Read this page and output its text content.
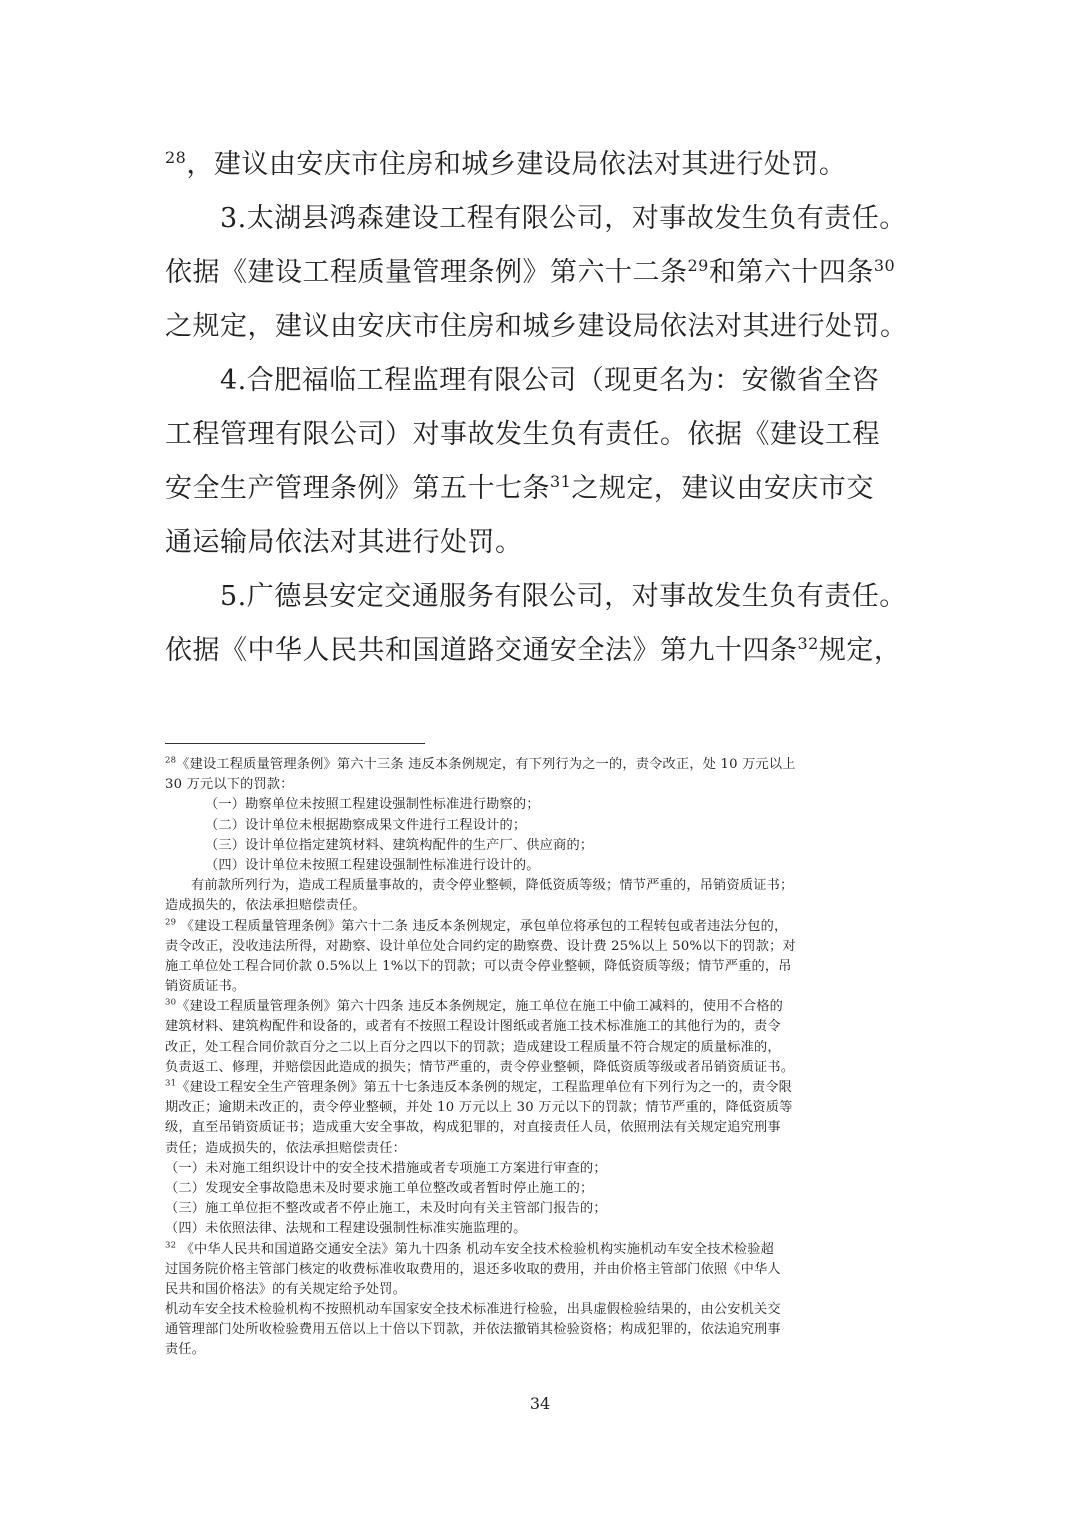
$^{28}$，建议由安庆市住房和城乡建设局依法对其进行处罚。
3.太湖县鸿森建设工程有限公司，对事故发生负有责任。
依据《建设工程质量管理条例》第六十二条$^{29}$和第六十四条$^{30}$
之规定，建议由安庆市住房和城乡建设局依法对其进行处罚。
4.合肥福临工程监理有限公司（现更名为：安徽省全咨
工程管理有限公司）对事故发生负有责任。依据《建设工程
安全生产管理条例》第五十七条$^{31}$之规定，建议由安庆市交
通运输局依法对其进行处罚。
5.广德县安定交通服务有限公司，对事故发生负有责任。
依据《中华人民共和国道路交通安全法》第九十四条$^{32}$规定，
$^{28}$《建设工程质量管理条例》第六十三条 违反本条例规定，有下列行为之一的，责令改正，处 10 万元以上
30 万元以下的罚款：
（一）勘察单位未按照工程建设强制性标准进行勘察的；
（二）设计单位未根据勘察成果文件进行工程设计的；
（三）设计单位指定建筑材料、建筑构配件的生产厂、供应商的；
（四）设计单位未按照工程建设强制性标准进行设计的。
有前款所列行为，造成工程质量事故的，责令停业整顿，降低资质等级；情节严重的，吊销资质证书；
造成损失的，依法承担赔偿责任。
$^{29}$ 《建设工程质量管理条例》第六十二条 违反本条例规定，承包单位将承包的工程转包或者违法分包的，
责令改正，没收违法所得，对勘察、设计单位处合同约定的勘察费、设计费 25%以上 50%以下的罚款；对
施工单位处工程合同价款 0.5%以上 1%以下的罚款；可以责令停业整顿，降低资质等级；情节严重的，吊
销资质证书。
$^{30}$《建设工程质量管理条例》第六十四条 违反本条例规定，施工单位在施工中偷工减料的，使用不合格的
建筑材料、建筑构配件和设备的，或者有不按照工程设计图纸或者施工技术标准施工的其他行为的，责令
改正，处工程合同价款百分之二以上百分之四以下的罚款；造成建设工程质量不符合规定的质量标准的，
负责返工、修理，并赔偿因此造成的损失；情节严重的，责令停业整顿，降低资质等级或者吊销资质证书。
$^{31}$《建设工程安全生产管理条例》第五十七条违反本条例的规定，工程监理单位有下列行为之一的，责令限
期改正；逾期未改正的，责令停业整顿，并处 10 万元以上 30 万元以下的罚款；情节严重的，降低资质等
级，直至吊销资质证书；造成重大安全事故，构成犯罪的，对直接责任人员，依照刑法有关规定追究刑事
责任；造成损失的，依法承担赔偿责任：
（一）未对施工组织设计中的安全技术措施或者专项施工方案进行审查的；
（二）发现安全事故隐患未及时要求施工单位整改或者暂时停止施工的；
（三）施工单位拒不整改或者不停止施工，未及时向有关主管部门报告的；
（四）未依照法律、法规和工程建设强制性标准实施监理的。
$^{32}$ 《中华人民共和国道路交通安全法》第九十四条 机动车安全技术检验机构实施机动车安全技术检验超
过国务院价格主管部门核定的收费标准收取费用的，退还多收取的费用，并由价格主管部门依照《中华人
民共和国价格法》的有关规定给予处罚。
机动车安全技术检验机构不按照机动车国家安全技术标准进行检验，出具虚假检验结果的，由公安机关交
通管理部门处所收检验费用五倍以上十倍以下罚款，并依法撤销其检验资格；构成犯罪的，依法追究刑事
责任。
34
